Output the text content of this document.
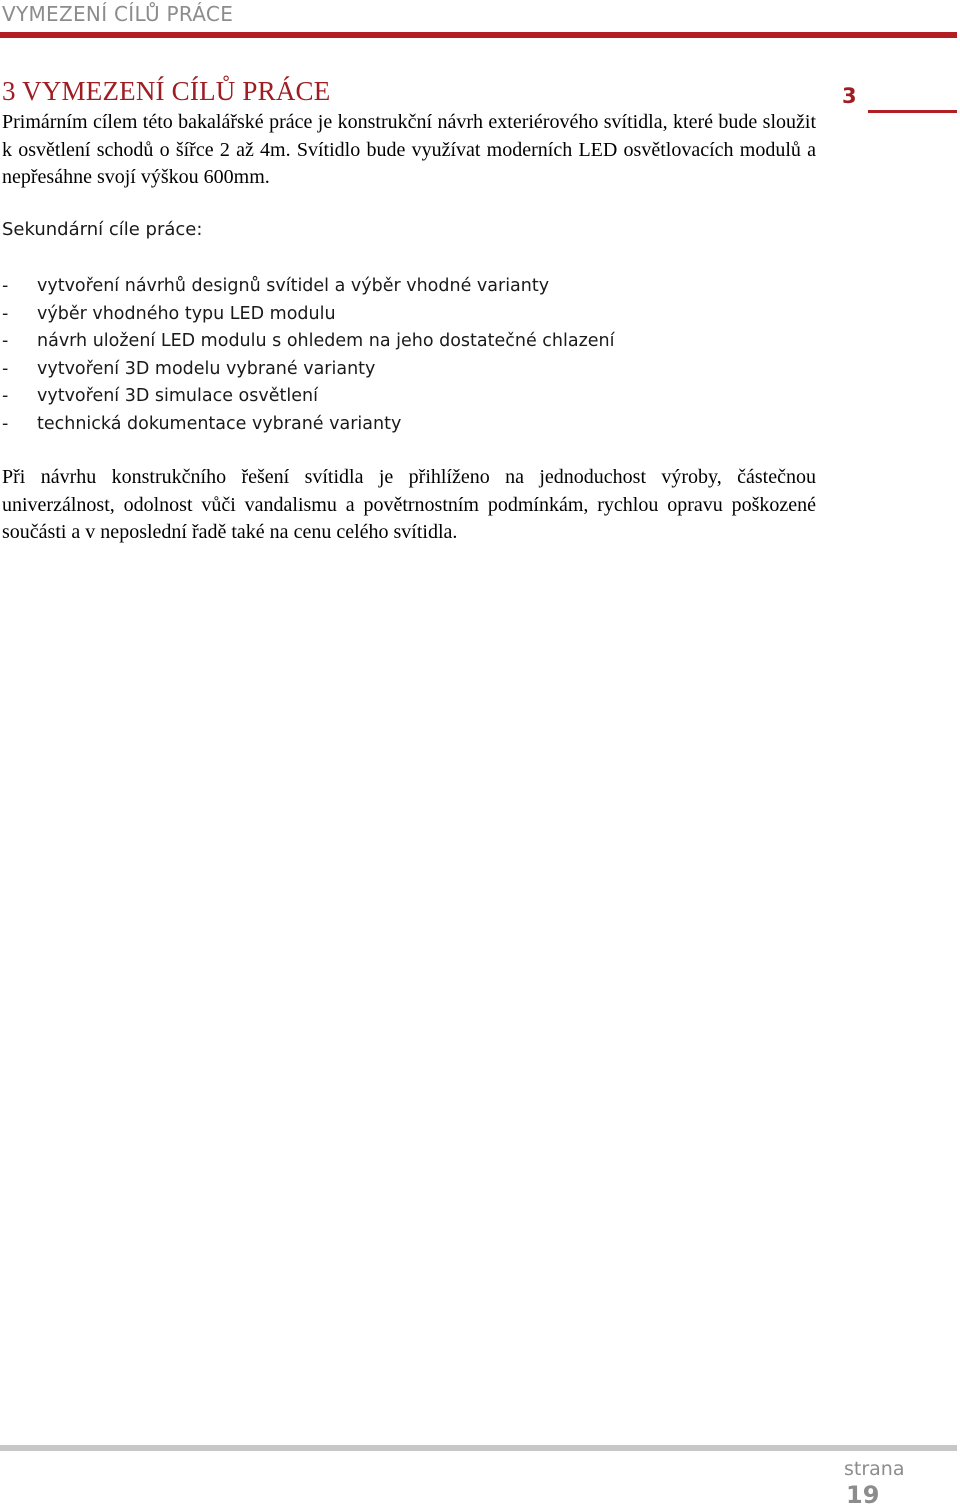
VYMEZENÍ CÍLŮ PRÁCE
3
3 VYMEZENÍ CÍLŮ PRÁCE

Primárním cílem této bakalářské práce je konstrukční návrh exteriérového svítidla, které bude sloužit k osvětlení schodů o šířce 2 až 4m. Svítidlo bude využívat moderních LED osvětlovacích modulů a nepřesáhne svojí výškou 600mm.

Sekundární cíle práce:

-	vytvoření návrhů designů svítidel a výběr vhodné varianty
-	výběr vhodného typu LED modulu
-	návrh uložení LED modulu s ohledem na jeho dostatečné chlazení
-	vytvoření 3D modelu vybrané varianty
-	vytvoření 3D simulace osvětlení
-	technická dokumentace vybrané varianty

Při návrhu konstrukčního řešení svítidla je přihlíženo na jednoduchost výroby, částečnou univerzálnost, odolnost vůči vandalismu a povětrnostním podmínkám, rychlou opravu poškozené součásti a v neposlední řadě také na cenu celého svítidla.

strana
19
